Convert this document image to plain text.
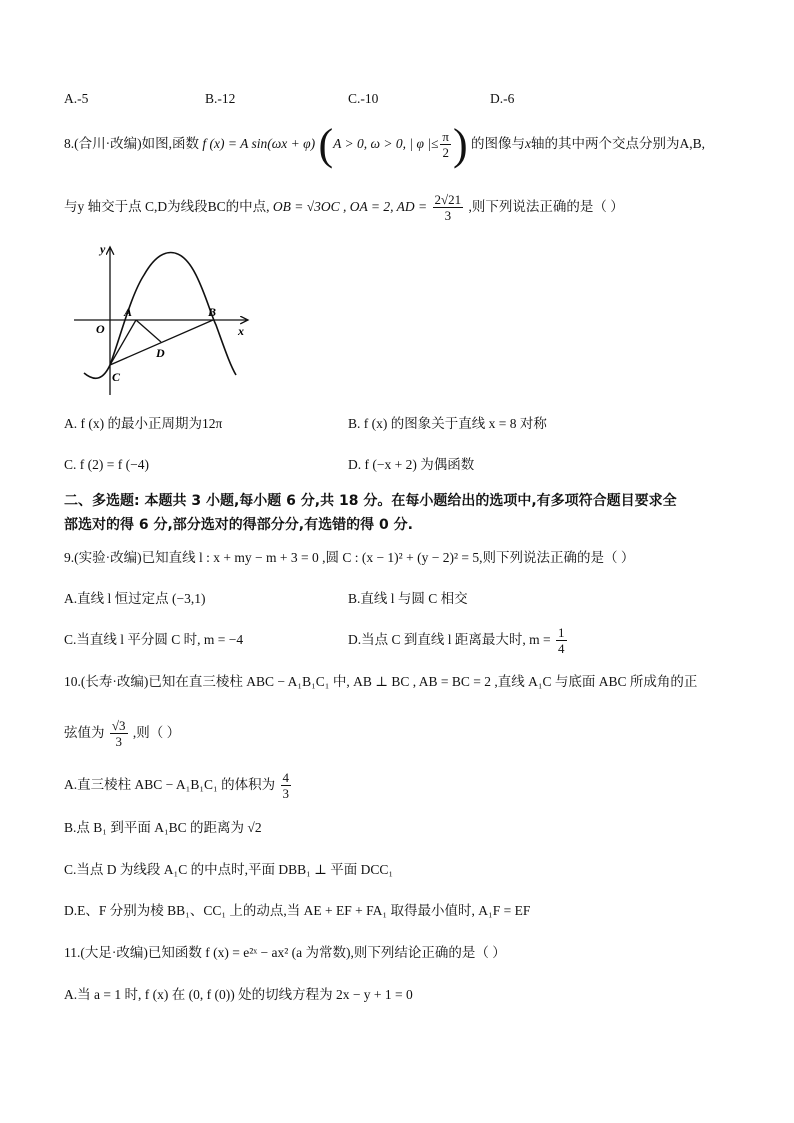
A.-5	B.-12	C.-10	D.-6
8.(合川·改编)如图,函数 f (x) = A sin(ωx + φ) (A > 0, ω > 0, | φ |≤ $\frac{\pi}{2}$ ) 的图像与x轴的其中两个交点分别为A,B,
与y 轴交于点 C,D为线段BC的中点, OB = √3OC , OA = 2, AD = $\frac{2√21}{3}$ ,则下列说法正确的是（ ）
y
x
O
A	B
C
D
A. f (x) 的最小正周期为12π	B. f (x) 的图象关于直线 x = 8 对称
C. f (2) = f (−4)	D. f (−x + 2) 为偶函数
二、多选题: 本题共 3 小题,每小题 6 分,共 18 分。在每小题给出的选项中,有多项符合题目要求全
部选对的得 6 分,部分选对的得部分分,有选错的得 0 分.
9.(实验·改编)已知直线 l : x + my − m + 3 = 0 ,圆 C : (x − 1)² + (y − 2)² = 5,则下列说法正确的是（ ）
A.直线 l 恒过定点 (−3,1)	B.直线 l 与圆 C 相交
C.当直线 l 平分圆 C 时, m = −4	D.当点 C 到直线 l 距离最大时, $m = \frac{1}{4}$
10.(长寿·改编)已知在直三棱柱 ABC − A₁B₁C₁ 中, AB ⊥ BC , AB = BC = 2 ,直线 A₁C 与底面 ABC 所成角的正
弦值为 $\frac{√3}{3}$ ,则（ ）
A.直三棱柱 ABC − A₁B₁C₁ 的体积为 $\frac{4}{3}$
B.点 B₁ 到平面 A₁BC 的距离为 √2
C.当点 D 为线段 A₁C 的中点时,平面 DBB₁ ⊥ 平面 DCC₁
D.E、F 分别为棱 BB₁、CC₁ 上的动点,当 AE + EF + FA₁ 取得最小值时, A₁F = EF
11.(大足·改编)已知函数 f (x) = e²ˣ − ax² (a 为常数),则下列结论正确的是（ ）
A.当 a = 1 时, f (x) 在 (0, f (0)) 处的切线方程为 2x − y + 1 = 0
